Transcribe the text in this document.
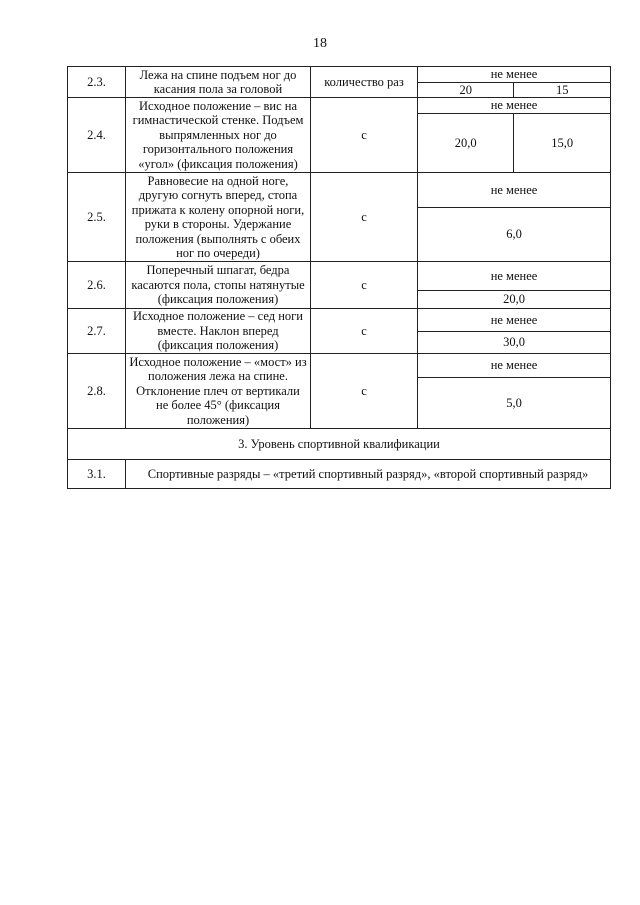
18
2.3.	Лежа на спине подъем ног до касания пола за головой	количество раз	не менее	
			20	15
2.4.	Исходное положение – вис на гимнастической стенке. Подъем выпрямленных ног до горизонтального положения «угол» (фиксация положения)	с	не менее	
			20,0	15,0
2.5.	Равновесие на одной ноге, другую согнуть вперед, стопа прижата к колену опорной ноги, руки в стороны. Удержание положения (выполнять с обеих ног по очереди)	с	не менее	
			6,0	
2.6.	Поперечный шпагат, бедра касаются пола, стопы натянутые (фиксация положения)	с	не менее	
			20,0	
2.7.	Исходное положение – сед ноги вместе. Наклон вперед (фиксация положения)	с	не менее	
			30,0	
2.8.	Исходное положение – «мост» из положения лежа на спине. Отклонение плеч от вертикали не более 45° (фиксация положения)	с	не менее	
			5,0	
3. Уровень спортивной квалификации				
3.1.	Спортивные разряды – «третий спортивный разряд», «второй спортивный разряд»			
